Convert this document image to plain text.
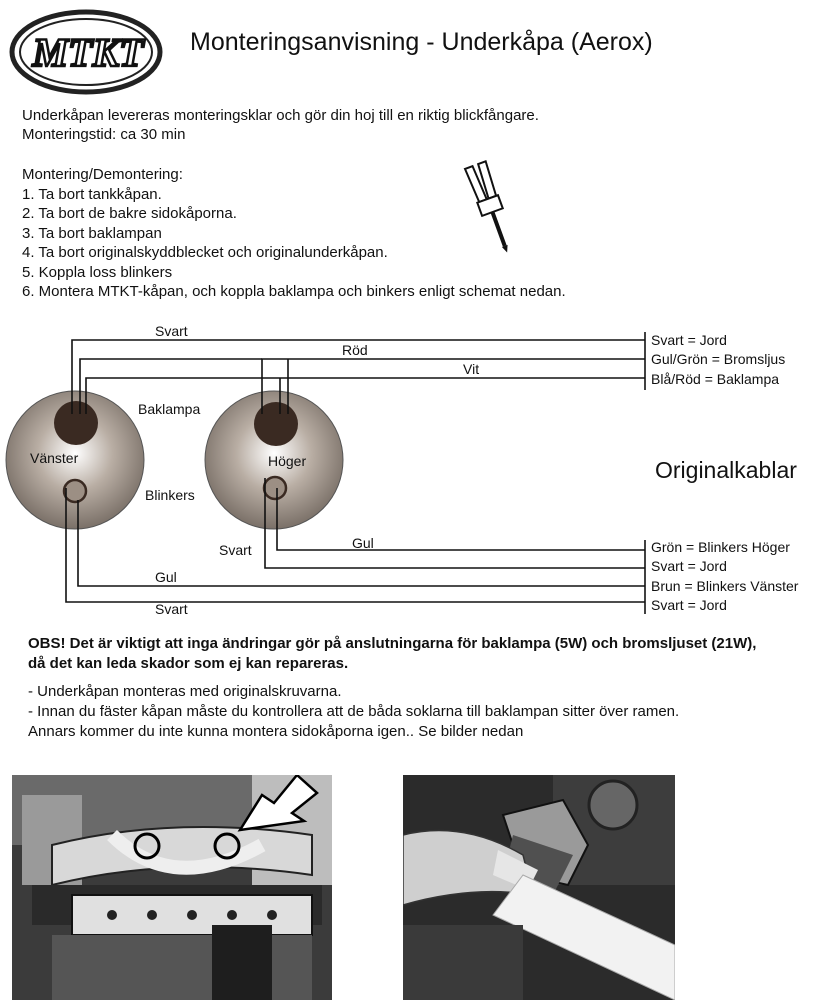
MTKT Monteringsanvisning - Underkåpa (Aerox)
Underkåpan levereras monteringsklar och gör din hoj till en riktig blickfångare.
Monteringstid: ca 30 min
Montering/Demontering:
1. Ta bort tankkåpan.
2. Ta bort de bakre sidokåporna.
3. Ta bort baklampan
4. Ta bort originalskyddblecket och originalunderkåpan.
5. Koppla loss blinkers
6. Montera MTKT-kåpan, och koppla baklampa och binkers enligt schemat nedan.
Svart
Röd
Vit
Baklampa
Vänster	Höger
Blinkers
Svart	Gul
Gul
Svart
Svart = Jord
Gul/Grön = Bromsljus
Blå/Röd = Baklampa
Grön = Blinkers Höger
Svart = Jord
Brun = Blinkers Vänster
Svart = Jord
Originalkablar
OBS! Det är viktigt att inga ändringar gör på anslutningarna för baklampa (5W) och bromsljuset (21W),
då det kan leda skador som ej kan repareras.
- Underkåpan monteras med originalskruvarna.
- Innan du fäster kåpan måste du kontrollera att de båda soklarna till baklampan sitter över ramen.
Annars kommer du inte kunna montera sidokåporna igen.. Se bilder nedan
